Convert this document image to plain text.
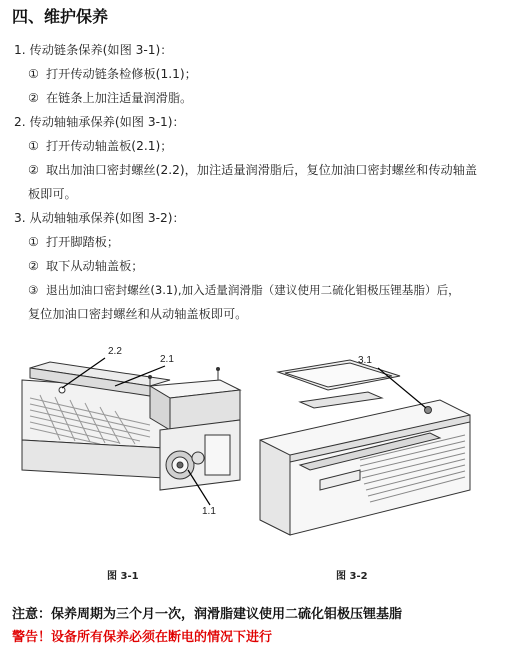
四、维护保养
1. 传动链条保养(如图 3-1)：
① 打开传动链条检修板(1.1)；
② 在链条上加注适量润滑脂。
2. 传动轴轴承保养(如图 3-1)：
① 打开传动轴盖板(2.1)；
② 取出加油口密封螺丝(2.2)，加注适量润滑脂后，复位加油口密封螺丝和传动轴盖
板即可。
3. 从动轴轴承保养(如图 3-2)：
① 打开脚踏板；
② 取下从动轴盖板；
③ 退出加油口密封螺丝(3.1),加入适量润滑脂（建议使用二硫化钼极压锂基脂）后，
复位加油口密封螺丝和从动轴盖板即可。
2.2
2.1
1.1
3.1
图 3-1	图 3-2
注意：保养周期为三个月一次，润滑脂建议使用二硫化钼极压锂基脂
警告！设备所有保养必须在断电的情况下进行
